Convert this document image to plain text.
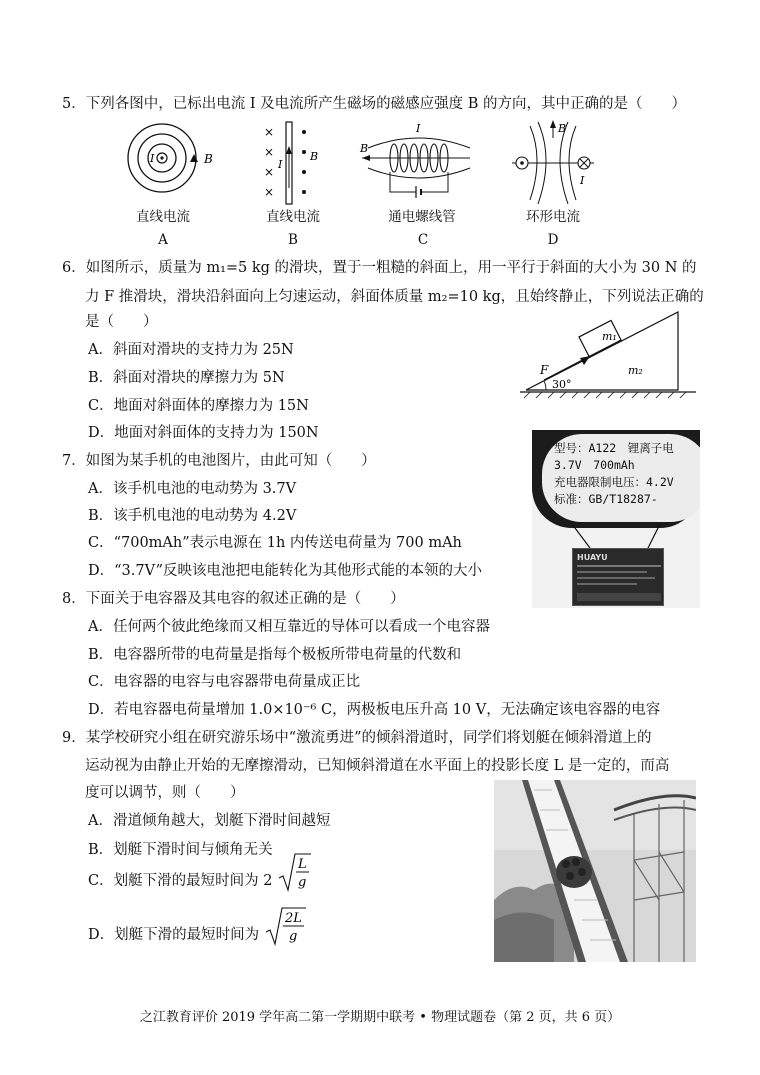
5．下列各图中，已标出电流 I 及电流所产生磁场的磁感应强度 B 的方向，其中正确的是（　　）
B
I
直线电流
A
×
×
×
×
I
B
直线电流
B
I
B
通电螺线管
C
B
I
环形电流
D
6．如图所示，质量为 m₁=5 kg 的滑块，置于一粗糙的斜面上，用一平行于斜面的大小为 30 N 的
力 F 推滑块，滑块沿斜面向上匀速运动，斜面体质量 m₂=10 kg，且始终静止，下列说法正确的
是（　　）
A．斜面对滑块的支持力为 25N
B．斜面对滑块的摩擦力为 5N
C．地面对斜面体的摩擦力为 15N
D．地面对斜面体的支持力为 150N
m₁
m₂
F
30°
7．如图为某手机的电池图片，由此可知（　　）
A．该手机电池的电动势为 3.7V
B．该手机电池的电动势为 4.2V
C．“700mAh”表示电源在 1h 内传送电荷量为 700 mAh
D．“3.7V”反映该电池把电能转化为其他形式能的本领的大小
型号：A122　锂离子电
3.7V　700mAh
充电器限制电压：4.2V
标准：GB/T18287-
HUAYU
8．下面关于电容器及其电容的叙述正确的是（　　）
A．任何两个彼此绝缘而又相互靠近的导体可以看成一个电容器
B．电容器所带的电荷量是指每个极板所带电荷量的代数和
C．电容器的电容与电容器带电荷量成正比
D．若电容器电荷量增加 1.0×10⁻⁶ C，两极板电压升高 10 V，无法确定该电容器的电容
9．某学校研究小组在研究游乐场中“激流勇进”的倾斜滑道时，同学们将划艇在倾斜滑道上的
运动视为由静止开始的无摩擦滑动，已知倾斜滑道在水平面上的投影长度 L 是一定的，而高
度可以调节，则（　　）
A．滑道倾角越大，划艇下滑时间越短
B．划艇下滑时间与倾角无关
C．划艇下滑的最短时间为 2
L
g
D．划艇下滑的最短时间为
2L
g
之江教育评价 2019 学年高二第一学期期中联考 • 物理试题卷（第 2 页，共 6 页）
